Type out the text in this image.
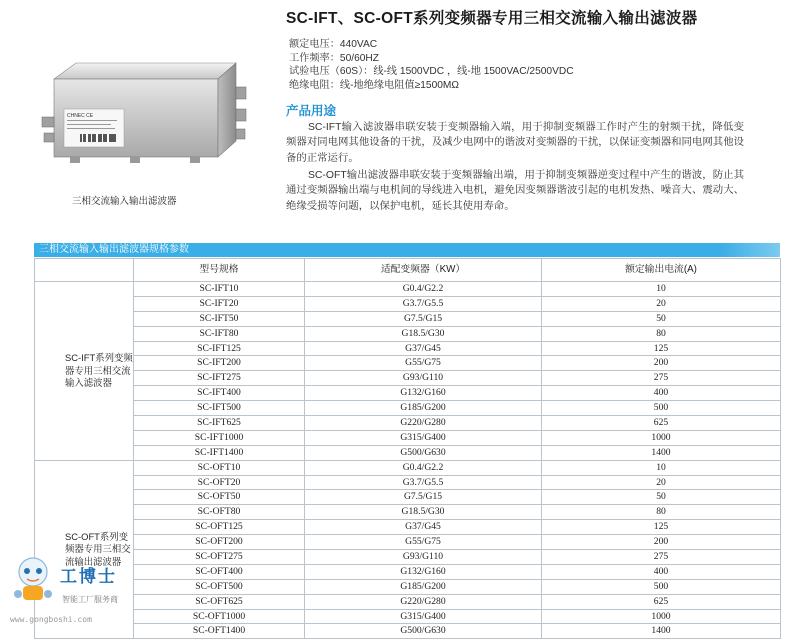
SC-IFT、SC-OFT系列变频器专用三相交流输入输出滤波器
CHNEC CE
三相交流输入输出滤波器
额定电压：440VAC
工作频率：50/60HZ
试验电压（60S）：线-线 1500VDC ，线-地 1500VAC/2500VDC
绝缘电阻：线-地绝缘电阻值≥1500MΩ
产品用途
SC-IFT输入滤波器串联安装于变频器输入端，用于抑制变频器工作时产生的射频干扰，降低变频器对同电网其他设备的干扰，及减少电网中的谐波对变频器的干扰，以保证变频器和同电网其他设备的正常运行。
SC-OFT输出滤波器串联安装于变频器输出端，用于抑制变频器逆变过程中产生的谐波，防止其通过变频器输出端与电机间的导线进入电机，避免因变频器谐波引起的电机发热、噪音大、震动大、绝缘受损等问题，以保护电机，延长其使用寿命。
三相交流输入输出滤波器规格参数
	型号规格	适配变频器（KW）	额定输出电流(A)
SC-IFT系列变频器专用三相交流输入滤波器	SC-IFT10	G0.4/G2.2	10
	SC-IFT20	G3.7/G5.5	20
	SC-IFT50	G7.5/G15	50
	SC-IFT80	G18.5/G30	80
	SC-IFT125	G37/G45	125
	SC-IFT200	G55/G75	200
	SC-IFT275	G93/G110	275
	SC-IFT400	G132/G160	400
	SC-IFT500	G185/G200	500
	SC-IFT625	G220/G280	625
	SC-IFT1000	G315/G400	1000
	SC-IFT1400	G500/G630	1400
SC-OFT系列变频器专用三相交流输出滤波器	SC-OFT10	G0.4/G2.2	10
	SC-OFT20	G3.7/G5.5	20
	SC-OFT50	G7.5/G15	50
	SC-OFT80	G18.5/G30	80
	SC-OFT125	G37/G45	125
	SC-OFT200	G55/G75	200
	SC-OFT275	G93/G110	275
	SC-OFT400	G132/G160	400
	SC-OFT500	G185/G200	500
	SC-OFT625	G220/G280	625
	SC-OFT1000	G315/G400	1000
	SC-OFT1400	G500/G630	1400
工博士
智能工厂服务商
www.gongboshi.com
